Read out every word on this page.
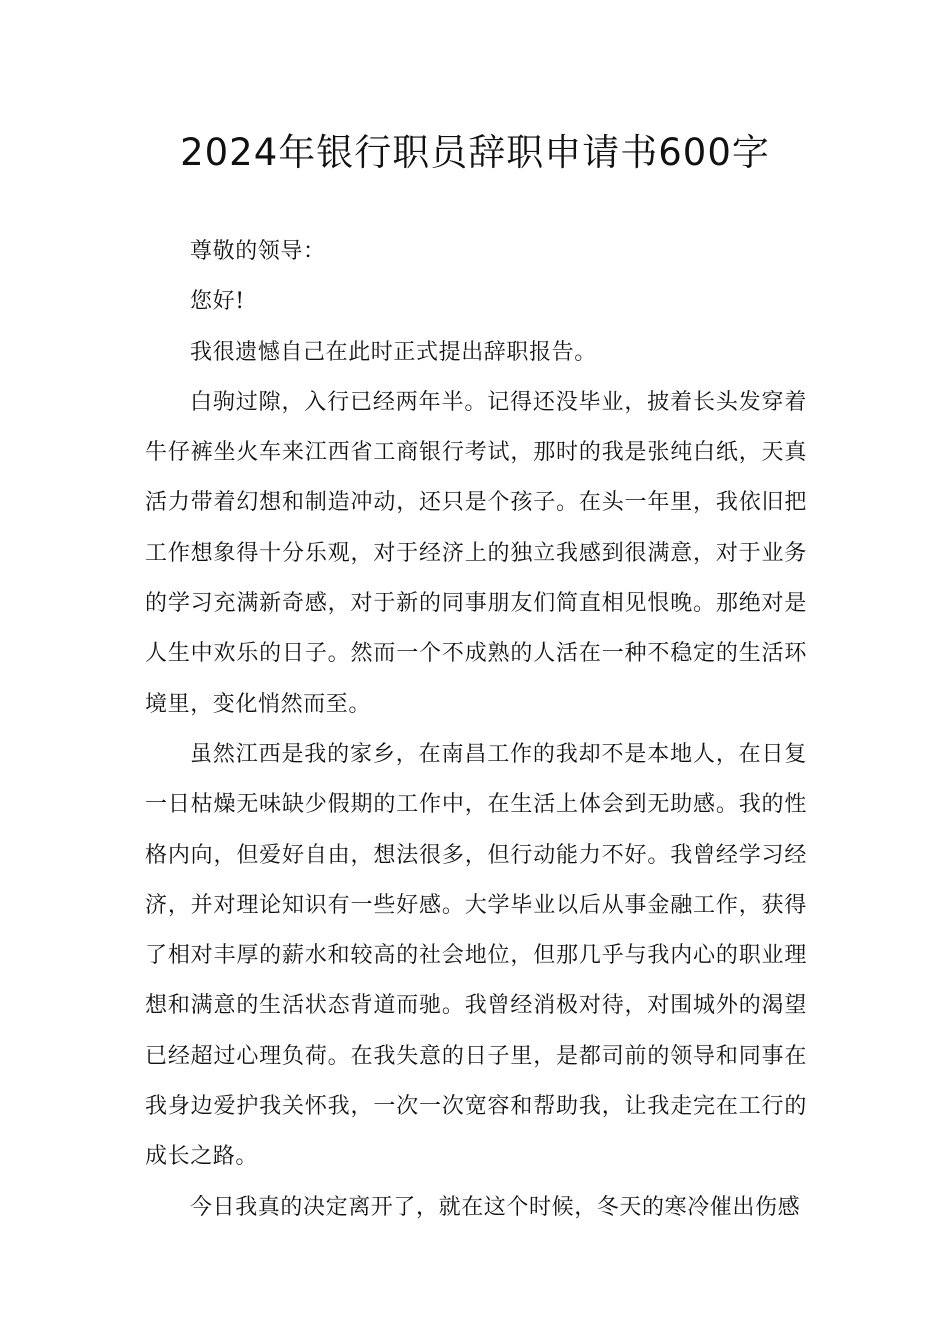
2024年银行职员辞职申请书600字

尊敬的领导：

您好!

我很遗憾自己在此时正式提出辞职报告。

白驹过隙，入行已经两年半。记得还没毕业，披着长头发穿着牛仔裤坐火车来江西省工商银行考试，那时的我是张纯白纸，天真活力带着幻想和制造冲动，还只是个孩子。在头一年里，我依旧把工作想象得十分乐观，对于经济上的独立我感到很满意，对于业务的学习充满新奇感，对于新的同事朋友们简直相见恨晚。那绝对是人生中欢乐的日子。然而一个不成熟的人活在一种不稳定的生活环境里，变化悄然而至。

虽然江西是我的家乡，在南昌工作的我却不是本地人，在日复一日枯燥无味缺少假期的工作中，在生活上体会到无助感。我的性格内向，但爱好自由，想法很多，但行动能力不好。我曾经学习经济，并对理论知识有一些好感。大学毕业以后从事金融工作，获得了相对丰厚的薪水和较高的社会地位，但那几乎与我内心的职业理想和满意的生活状态背道而驰。我曾经消极对待，对围城外的渴望已经超过心理负荷。在我失意的日子里，是都司前的领导和同事在我身边爱护我关怀我，一次一次宽容和帮助我，让我走完在工行的成长之路。

今日我真的决定离开了，就在这个时候，冬天的寒冷催出伤感
